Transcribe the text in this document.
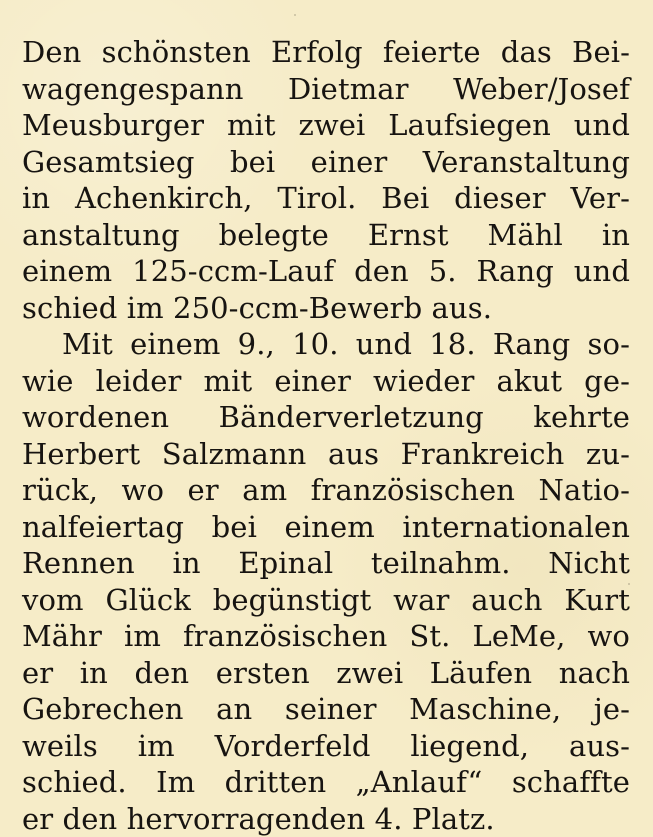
Den schönsten Erfolg feierte das Bei-
wagengespann Dietmar Weber/Josef
Meusburger mit zwei Laufsiegen und
Gesamtsieg bei einer Veranstaltung
in Achenkirch, Tirol. Bei dieser Ver-
anstaltung belegte Ernst Mähl in
einem 125-ccm-Lauf den 5. Rang und
schied im 250-ccm-Bewerb aus.
Mit einem 9., 10. und 18. Rang so-
wie leider mit einer wieder akut ge-
wordenen Bänderverletzung kehrte
Herbert Salzmann aus Frankreich zu-
rück, wo er am französischen Natio-
nalfeiertag bei einem internationalen
Rennen in Epinal teilnahm. Nicht
vom Glück begünstigt war auch Kurt
Mähr im französischen St. LeMe, wo
er in den ersten zwei Läufen nach
Gebrechen an seiner Maschine, je-
weils im Vorderfeld liegend, aus-
schied. Im dritten „Anlauf“ schaffte
er den hervorragenden 4. Platz.
